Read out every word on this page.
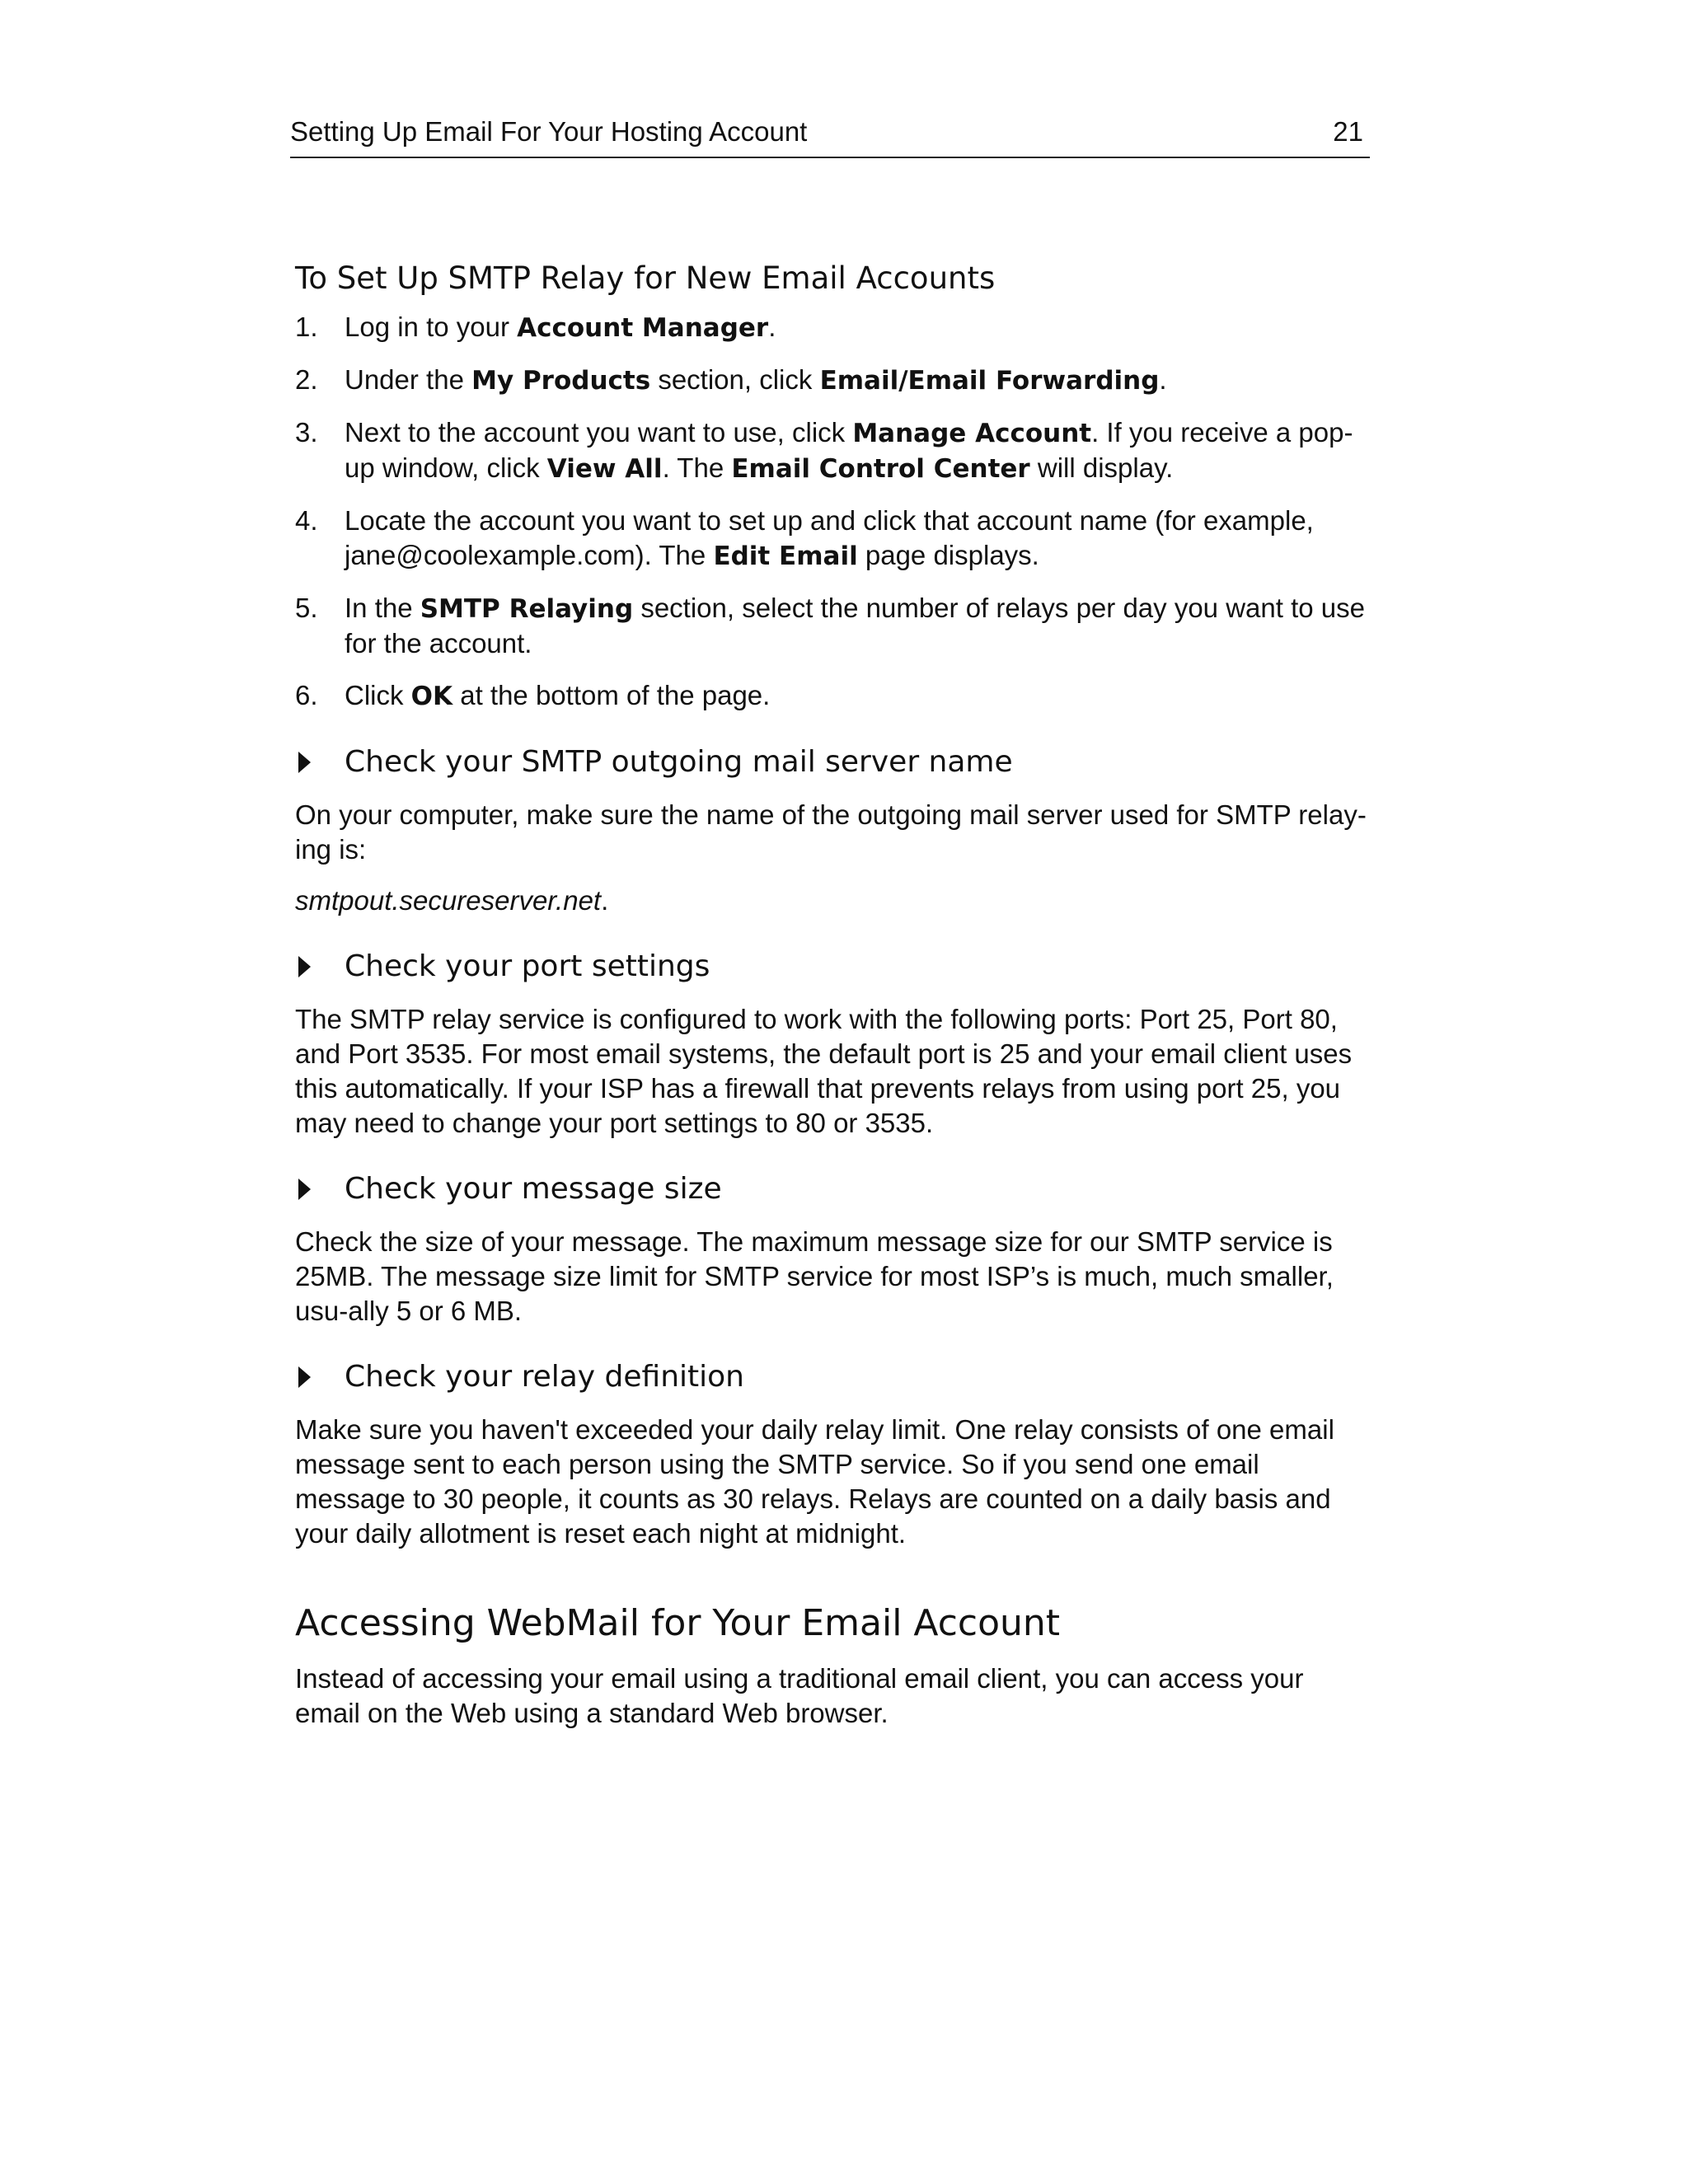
Setting Up Email For Your Hosting Account	21
To Set Up SMTP Relay for New Email Accounts
1. Log in to your Account Manager.
2. Under the My Products section, click Email/Email Forwarding.
3. Next to the account you want to use, click Manage Account. If you receive a pop-up window, click View All. The Email Control Center will display.
4. Locate the account you want to set up and click that account name (for example, jane@coolexample.com). The Edit Email page displays.
5. In the SMTP Relaying section, select the number of relays per day you want to use for the account.
6. Click OK at the bottom of the page.
Check your SMTP outgoing mail server name

On your computer, make sure the name of the outgoing mail server used for SMTP relay-ing is:

smtpout.secureserver.net.

Check your port settings

The SMTP relay service is configured to work with the following ports: Port 25, Port 80, and Port 3535. For most email systems, the default port is 25 and your email client uses this automatically. If your ISP has a firewall that prevents relays from using port 25, you may need to change your port settings to 80 or 3535.

Check your message size

Check the size of your message. The maximum message size for our SMTP service is 25MB. The message size limit for SMTP service for most ISP’s is much, much smaller, usu-ally 5 or 6 MB.

Check your relay definition

Make sure you haven't exceeded your daily relay limit. One relay consists of one email message sent to each person using the SMTP service. So if you send one email message to 30 people, it counts as 30 relays. Relays are counted on a daily basis and your daily allotment is reset each night at midnight.

Accessing WebMail for Your Email Account

Instead of accessing your email using a traditional email client, you can access your email on the Web using a standard Web browser.
